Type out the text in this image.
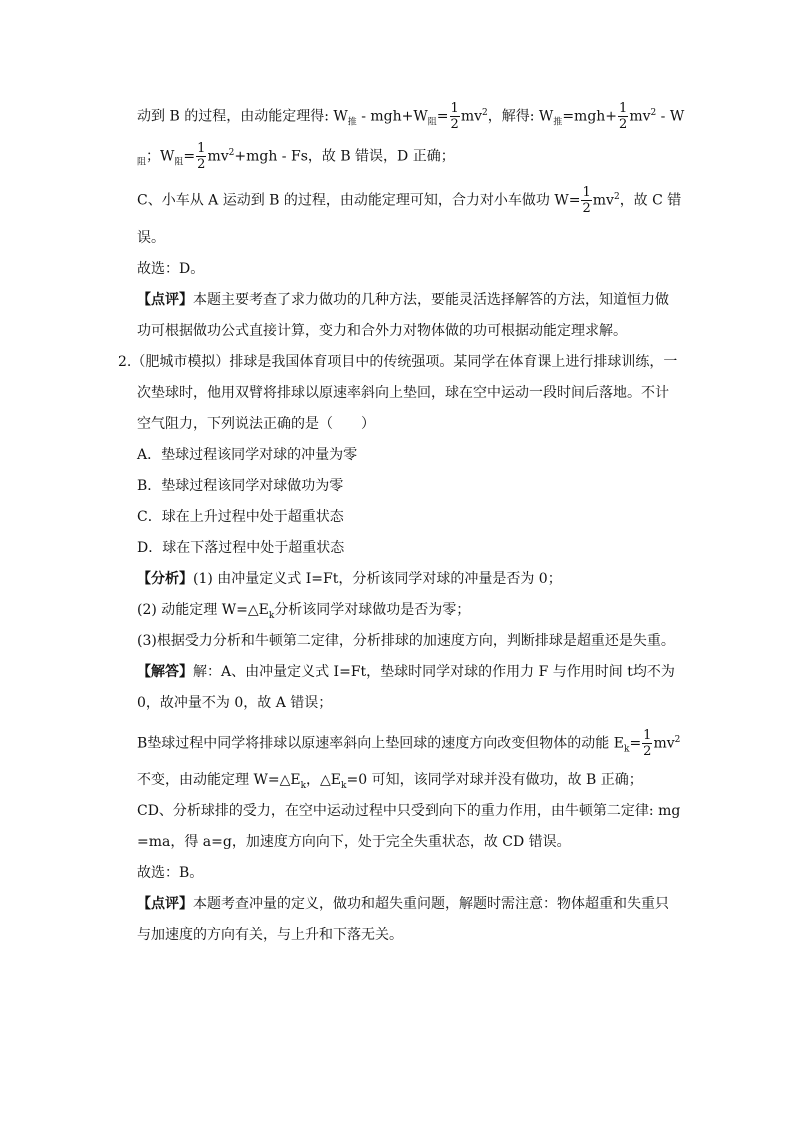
动到 B 的过程，由动能定理得: $W_推 - mgh+W_阻= \frac{1}{2} mv^2$，解得: $W_推=mgh+ \frac{1}{2} mv^2 - W$
$_阻$；$W_阻= \frac{1}{2} mv^2+mgh - Fs$，故 B 错误，D 正确；
C、小车从 A 运动到 B 的过程，由动能定理可知，合力对小车做功 $W= \frac{1}{2} mv^2$，故 C 错
误。
故选：D。
【点评】本题主要考查了求力做功的几种方法，要能灵活选择解答的方法，知道恒力做
功可根据做功公式直接计算，变力和合外力对物体做的功可根据动能定理求解。
2.（肥城市模拟）排球是我国体育项目中的传统强项。某同学在体育课上进行排球训练，一
次垫球时，他用双臂将排球以原速率斜向上垫回，球在空中运动一段时间后落地。不计
空气阻力，下列说法正确的是（　　）
A．垫球过程该同学对球的冲量为零
B．垫球过程该同学对球做功为零
C．球在上升过程中处于超重状态
D．球在下落过程中处于超重状态
【分析】(1) 由冲量定义式 I=Ft，分析该同学对球的冲量是否为 0；
(2) 动能定理 $W=\triangle E_k$分析该同学对球做功是否为零；
(3)根据受力分析和牛顿第二定律，分析排球的加速度方向，判断排球是超重还是失重。
【解答】解：A、由冲量定义式 I=Ft，垫球时同学对球的作用力 F 与作用时间 t均不为
0，故冲量不为 0，故 A 错误；
B垫球过程中同学将排球以原速率斜向上垫回球的速度方向改变但物体的动能 $E_k= \frac{1}{2} mv^2$
不变，由动能定理 $W=\triangle E_k$，$\triangle E_k=0$ 可知，该同学对球并没有做功，故 B 正确；
CD、分析球排的受力，在空中运动过程中只受到向下的重力作用，由牛顿第二定律: mg
=ma，得 a=g，加速度方向向下，处于完全失重状态，故 CD 错误。
故选：B。
【点评】本题考查冲量的定义，做功和超失重问题，解题时需注意：物体超重和失重只
与加速度的方向有关，与上升和下落无关。
